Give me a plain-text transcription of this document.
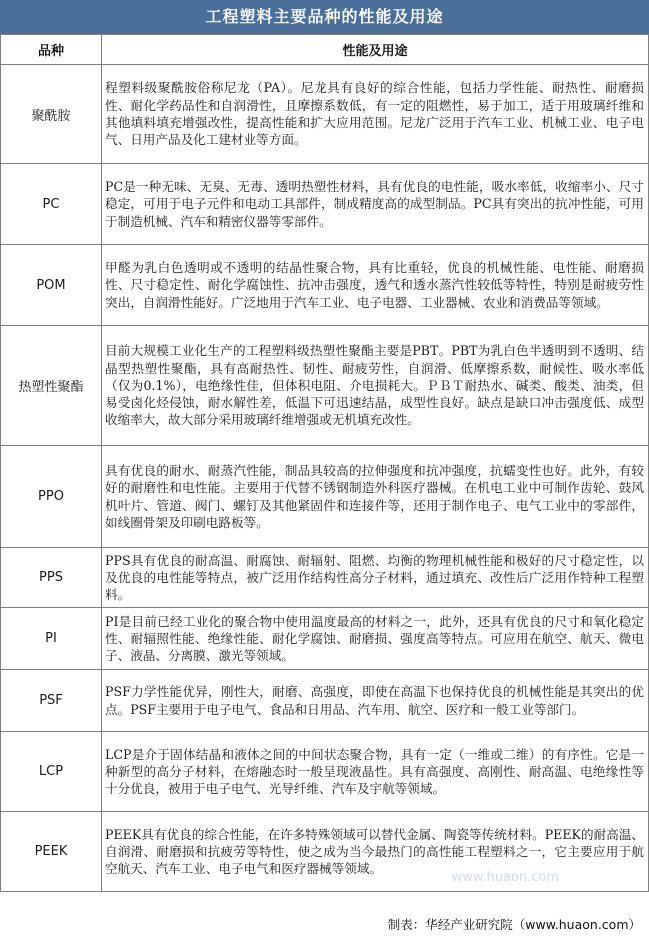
工程塑料主要品种的性能及用途
品种	性能及用途
聚酰胺	程塑料级聚酰胺俗称尼龙（PA）。尼龙具有良好的综合性能，包括力学性能、耐热性、耐磨损性、耐化学药品性和自润滑性，且摩擦系数低，有一定的阻燃性，易于加工，适于用玻璃纤维和其他填料填充增强改性，提高性能和扩大应用范围。尼龙广泛用于汽车工业、机械工业、电子电气、日用产品及化工建材业等方面。
PC	PC是一种无味、无臭、无毒、透明热塑性材料，具有优良的电性能，吸水率低，收缩率小、尺寸稳定，可用于电子元件和电动工具部件，制成精度高的成型制品。PC具有突出的抗冲性能，可用于制造机械、汽车和精密仪器等零部件。
POM	甲醛为乳白色透明或不透明的结晶性聚合物，具有比重轻，优良的机械性能、电性能、耐磨损性、尺寸稳定性、耐化学腐蚀性、抗冲击强度，透气和透水蒸汽性较低等特性，特别是耐疲劳性突出，自润滑性能好。广泛地用于汽车工业、电子电器、工业器械、农业和消费品等领域。
热塑性聚酯	目前大规模工业化生产的工程塑料级热塑性聚酯主要是PBT。PBT为乳白色半透明到不透明、结晶型热塑性聚酯，具有高耐热性、韧性、耐疲劳性，自润滑、低摩擦系数，耐候性、吸水率低（仅为0.1%），电绝缘性佳，但体积电阻、介电损耗大。ＰＢＴ耐热水、碱类、酸类、油类，但易受卤化烃侵蚀，耐水解性差，低温下可迅速结晶，成型性良好。缺点是缺口冲击强度低、成型收缩率大，故大部分采用玻璃纤维增强或无机填充改性。
PPO	具有优良的耐水、耐蒸汽性能，制品具较高的拉伸强度和抗冲强度，抗蠕变性也好。此外，有较好的耐磨性和电性能。主要用于代替不锈钢制造外科医疗器械。在机电工业中可制作齿轮、鼓风机叶片、管道、阀门、螺钉及其他紧固件和连接件等，还用于制作电子、电气工业中的零部件，如线圈骨架及印刷电路板等。
PPS	PPS具有优良的耐高温、耐腐蚀、耐辐射、阻燃、均衡的物理机械性能和极好的尺寸稳定性，以及优良的电性能等特点，被广泛用作结构性高分子材料，通过填充、改性后广泛用作特种工程塑料。
PI	PI是目前已经工业化的聚合物中使用温度最高的材料之一，此外，还具有优良的尺寸和氧化稳定性、耐辐照性能、绝缘性能、耐化学腐蚀、耐磨损、强度高等特点。可应用在航空、航天、微电子、液晶、分离膜、激光等领域。
PSF	PSF力学性能优异，刚性大，耐磨、高强度，即使在高温下也保持优良的机械性能是其突出的优点。PSF主要用于电子电气、食品和日用品、汽车用、航空、医疗和一般工业等部门。
LCP	LCP是介于固体结晶和液体之间的中间状态聚合物，具有一定（一维或二维）的有序性。它是一种新型的高分子材料，在熔融态时一般呈现液晶性。具有高强度、高刚性、耐高温、电绝缘性等十分优良，被用于电子电气、光导纤维、汽车及宇航等领域。
PEEK	PEEK具有优良的综合性能，在许多特殊领域可以替代金属、陶瓷等传统材料。PEEK的耐高温、自润滑、耐磨损和抗疲劳等特性，使之成为当今最热门的高性能工程塑料之一，它主要应用于航空航天、汽车工业、电子电气和医疗器械等领域。
www.huaon.com
制表：华经产业研究院（www.huaon.com）
